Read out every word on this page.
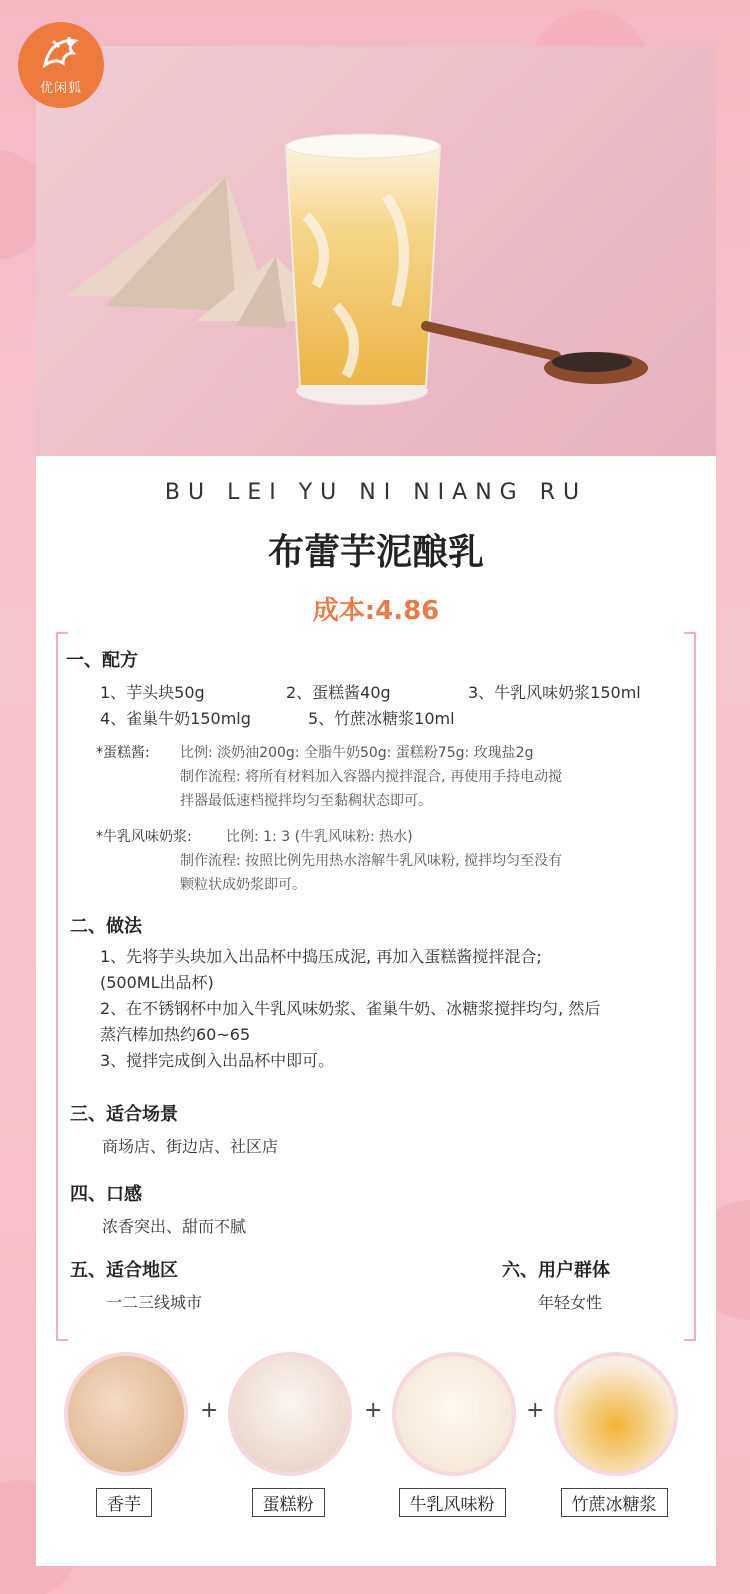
优闲狐
BU LEI YU NI NIANG RU
布蕾芋泥酿乳
成本:4.86
一、配方
1、芋头块50g	2、蛋糕酱40g	3、牛乳风味奶浆150ml
4、雀巢牛奶150mlg	5、竹蔗冰糖浆10ml
*蛋糕酱: 比例: 淡奶油200g: 全脂牛奶50g: 蛋糕粉75g: 玫瑰盐2g
制作流程: 将所有材料加入容器内搅拌混合, 再使用手持电动搅
拌器最低速档搅拌均匀至黏稠状态即可。
*牛乳风味奶浆: 比例: 1: 3 (牛乳风味粉: 热水)
制作流程: 按照比例先用热水溶解牛乳风味粉, 搅拌均匀至没有
颗粒状成奶浆即可。
二、做法
1、先将芋头块加入出品杯中捣压成泥, 再加入蛋糕酱搅拌混合;
(500ML出品杯)
2、在不锈钢杯中加入牛乳风味奶浆、雀巢牛奶、冰糖浆搅拌均匀, 然后
蒸汽棒加热约60~65
3、搅拌完成倒入出品杯中即可。
三、适合场景
商场店、街边店、社区店
四、口感
浓香突出、甜而不腻
五、适合地区
一二三线城市
六、用户群体
年轻女性
香芋
+
蛋糕粉
+
牛乳风味粉
+
竹蔗冰糖浆
